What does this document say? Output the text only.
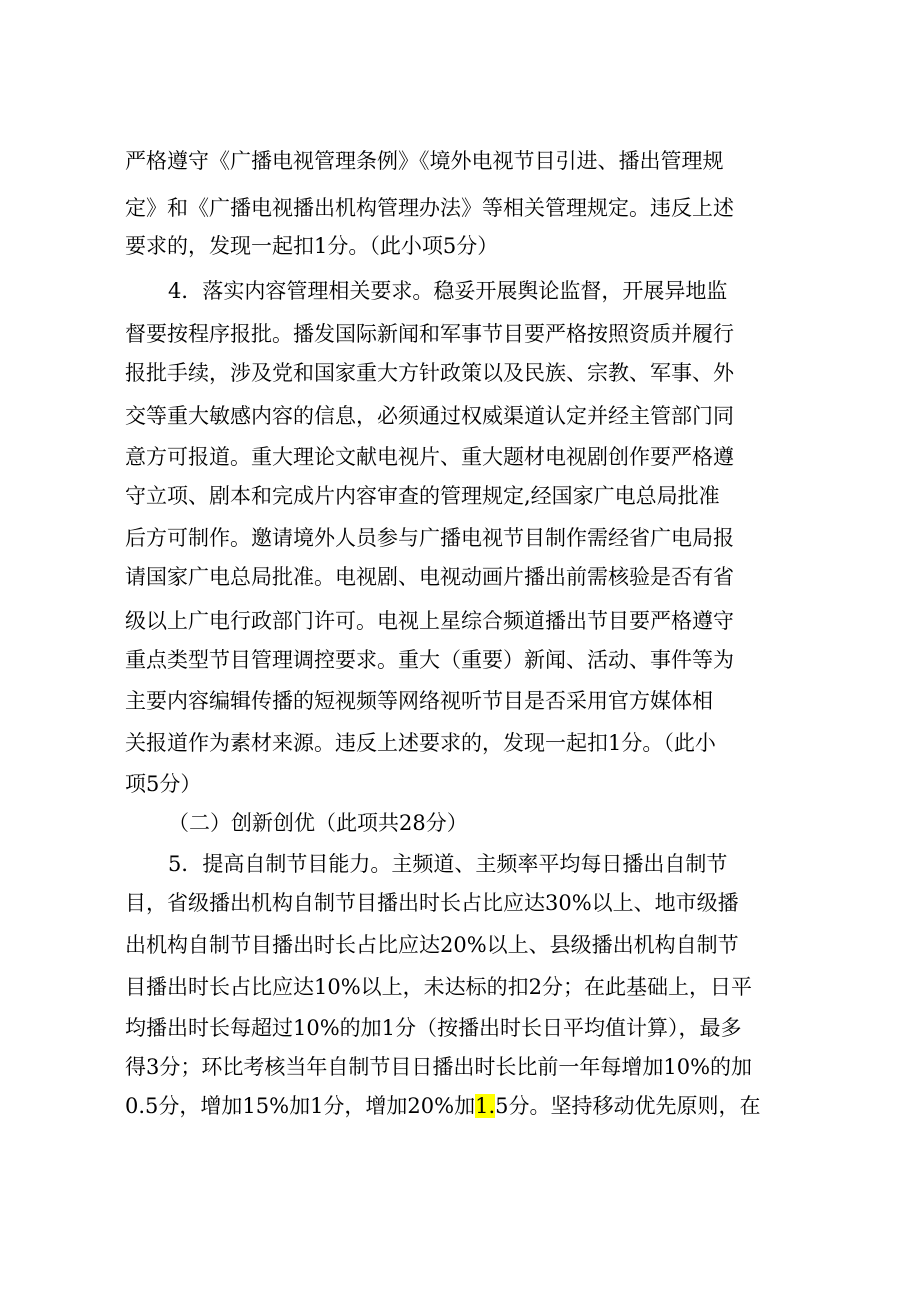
严格遵守《广播电视管理条例》《境外电视节目引进、播出管理规
定》和《广播电视播出机构管理办法》等相关管理规定。违反上述
要求的，发现一起扣1分。（此小项5分）
4．落实内容管理相关要求。稳妥开展舆论监督，开展异地监
督要按程序报批。播发国际新闻和军事节目要严格按照资质并履行
报批手续，涉及党和国家重大方针政策以及民族、宗教、军事、外
交等重大敏感内容的信息，必须通过权威渠道认定并经主管部门同
意方可报道。重大理论文献电视片、重大题材电视剧创作要严格遵
守立项、剧本和完成片内容审查的管理规定,经国家广电总局批准
后方可制作。邀请境外人员参与广播电视节目制作需经省广电局报
请国家广电总局批准。电视剧、电视动画片播出前需核验是否有省
级以上广电行政部门许可。电视上星综合频道播出节目要严格遵守
重点类型节目管理调控要求。重大（重要）新闻、活动、事件等为
主要内容编辑传播的短视频等网络视听节目是否采用官方媒体相
关报道作为素材来源。违反上述要求的，发现一起扣1分。（此小
项5分）
（二）创新创优（此项共28分）
5．提高自制节目能力。主频道、主频率平均每日播出自制节
目，省级播出机构自制节目播出时长占比应达30%以上、地市级播
出机构自制节目播出时长占比应达20%以上、县级播出机构自制节
目播出时长占比应达10%以上，未达标的扣2分；在此基础上，日平
均播出时长每超过10%的加1分（按播出时长日平均值计算），最多
得3分；环比考核当年自制节目日播出时长比前一年每增加10%的加
0.5分，增加15%加1分，增加20%加1.5分。坚持移动优先原则，在
